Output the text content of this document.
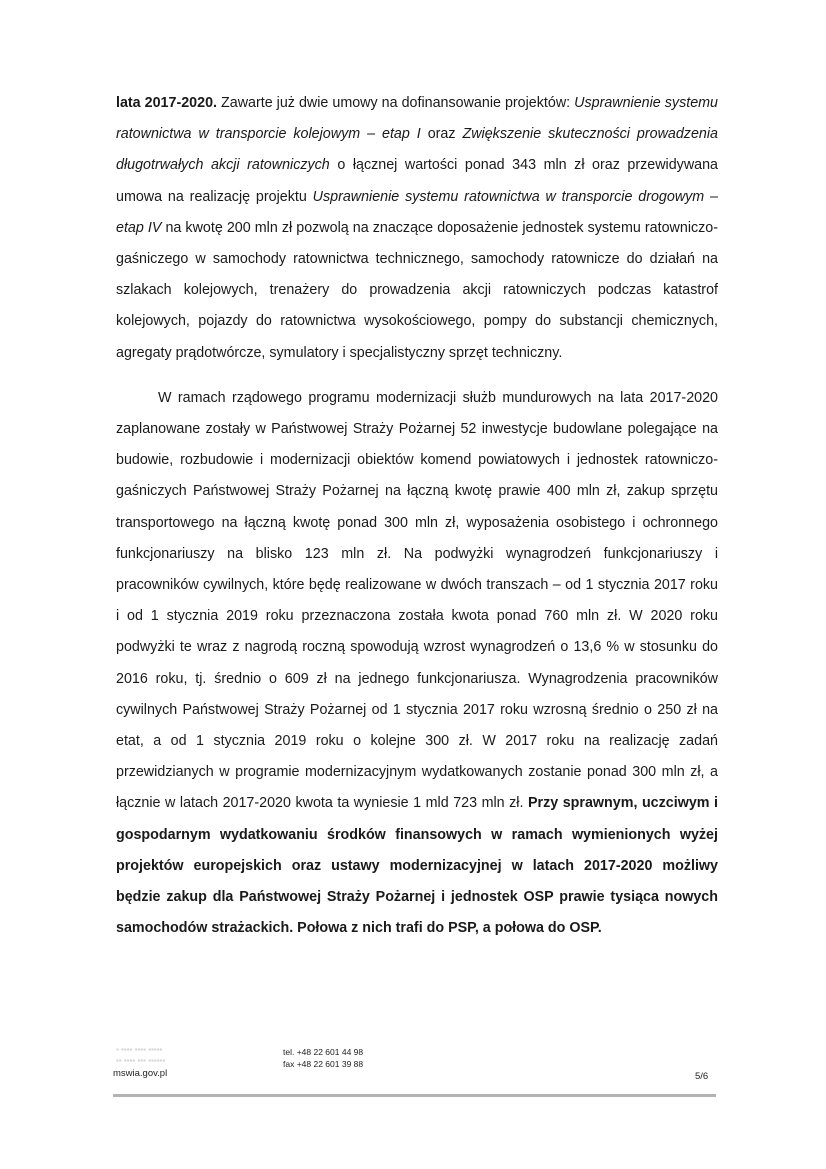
lata 2017-2020. Zawarte już dwie umowy na dofinansowanie projektów: Usprawnienie systemu ratownictwa w transporcie kolejowym – etap I oraz Zwiększenie skuteczności prowadzenia długotrwałych akcji ratowniczych o łącznej wartości ponad 343 mln zł oraz przewidywana umowa na realizację projektu Usprawnienie systemu ratownictwa w transporcie drogowym – etap IV na kwotę 200 mln zł pozwolą na znaczące doposażenie jednostek systemu ratowniczo-gaśniczego w samochody ratownictwa technicznego, samochody ratownicze do działań na szlakach kolejowych, trenażery do prowadzenia akcji ratowniczych podczas katastrof kolejowych, pojazdy do ratownictwa wysokościowego, pompy do substancji chemicznych, agregaty prądotwórcze, symulatory i specjalistyczny sprzęt techniczny.

W ramach rządowego programu modernizacji służb mundurowych na lata 2017-2020 zaplanowane zostały w Państwowej Straży Pożarnej 52 inwestycje budowlane polegające na budowie, rozbudowie i modernizacji obiektów komend powiatowych i jednostek ratowniczo-gaśniczych Państwowej Straży Pożarnej na łączną kwotę prawie 400 mln zł, zakup sprzętu transportowego na łączną kwotę ponad 300 mln zł, wyposażenia osobistego i ochronnego funkcjonariuszy na blisko 123 mln zł. Na podwyżki wynagrodzeń funkcjonariuszy i pracowników cywilnych, które będę realizowane w dwóch transzach – od 1 stycznia 2017 roku i od 1 stycznia 2019 roku przeznaczona została kwota ponad 760 mln zł. W 2020 roku podwyżki te wraz z nagrodą roczną spowodują wzrost wynagrodzeń o 13,6 % w stosunku do 2016 roku, tj. średnio o 609 zł na jednego funkcjonariusza. Wynagrodzenia pracowników cywilnych Państwowej Straży Pożarnej od 1 stycznia 2017 roku wzrosną średnio o 250 zł na etat, a od 1 stycznia 2019 roku o kolejne 300 zł. W 2017 roku na realizację zadań przewidzianych w programie modernizacyjnym wydatkowanych zostanie ponad 300 mln zł, a łącznie w latach 2017-2020 kwota ta wyniesie 1 mld 723 mln zł. Przy sprawnym, uczciwym i gospodarnym wydatkowaniu środków finansowych w ramach wymienionych wyżej projektów europejskich oraz ustawy modernizacyjnej w latach 2017-2020 możliwy będzie zakup dla Państwowej Straży Pożarnej i jednostek OSP prawie tysiąca nowych samochodów strażackich. Połowa z nich trafi do PSP, a połowa do OSP.

▪ ▪▪▪▪ ▪▪▪▪ ▪▪▪▪▪
▪▪ ▪▪▪▪ ▪▪▪ ▪▪▪▪▪▪
mswia.gov.pl
tel. +48 22 601 44 98
fax +48 22 601 39 88
5/6
